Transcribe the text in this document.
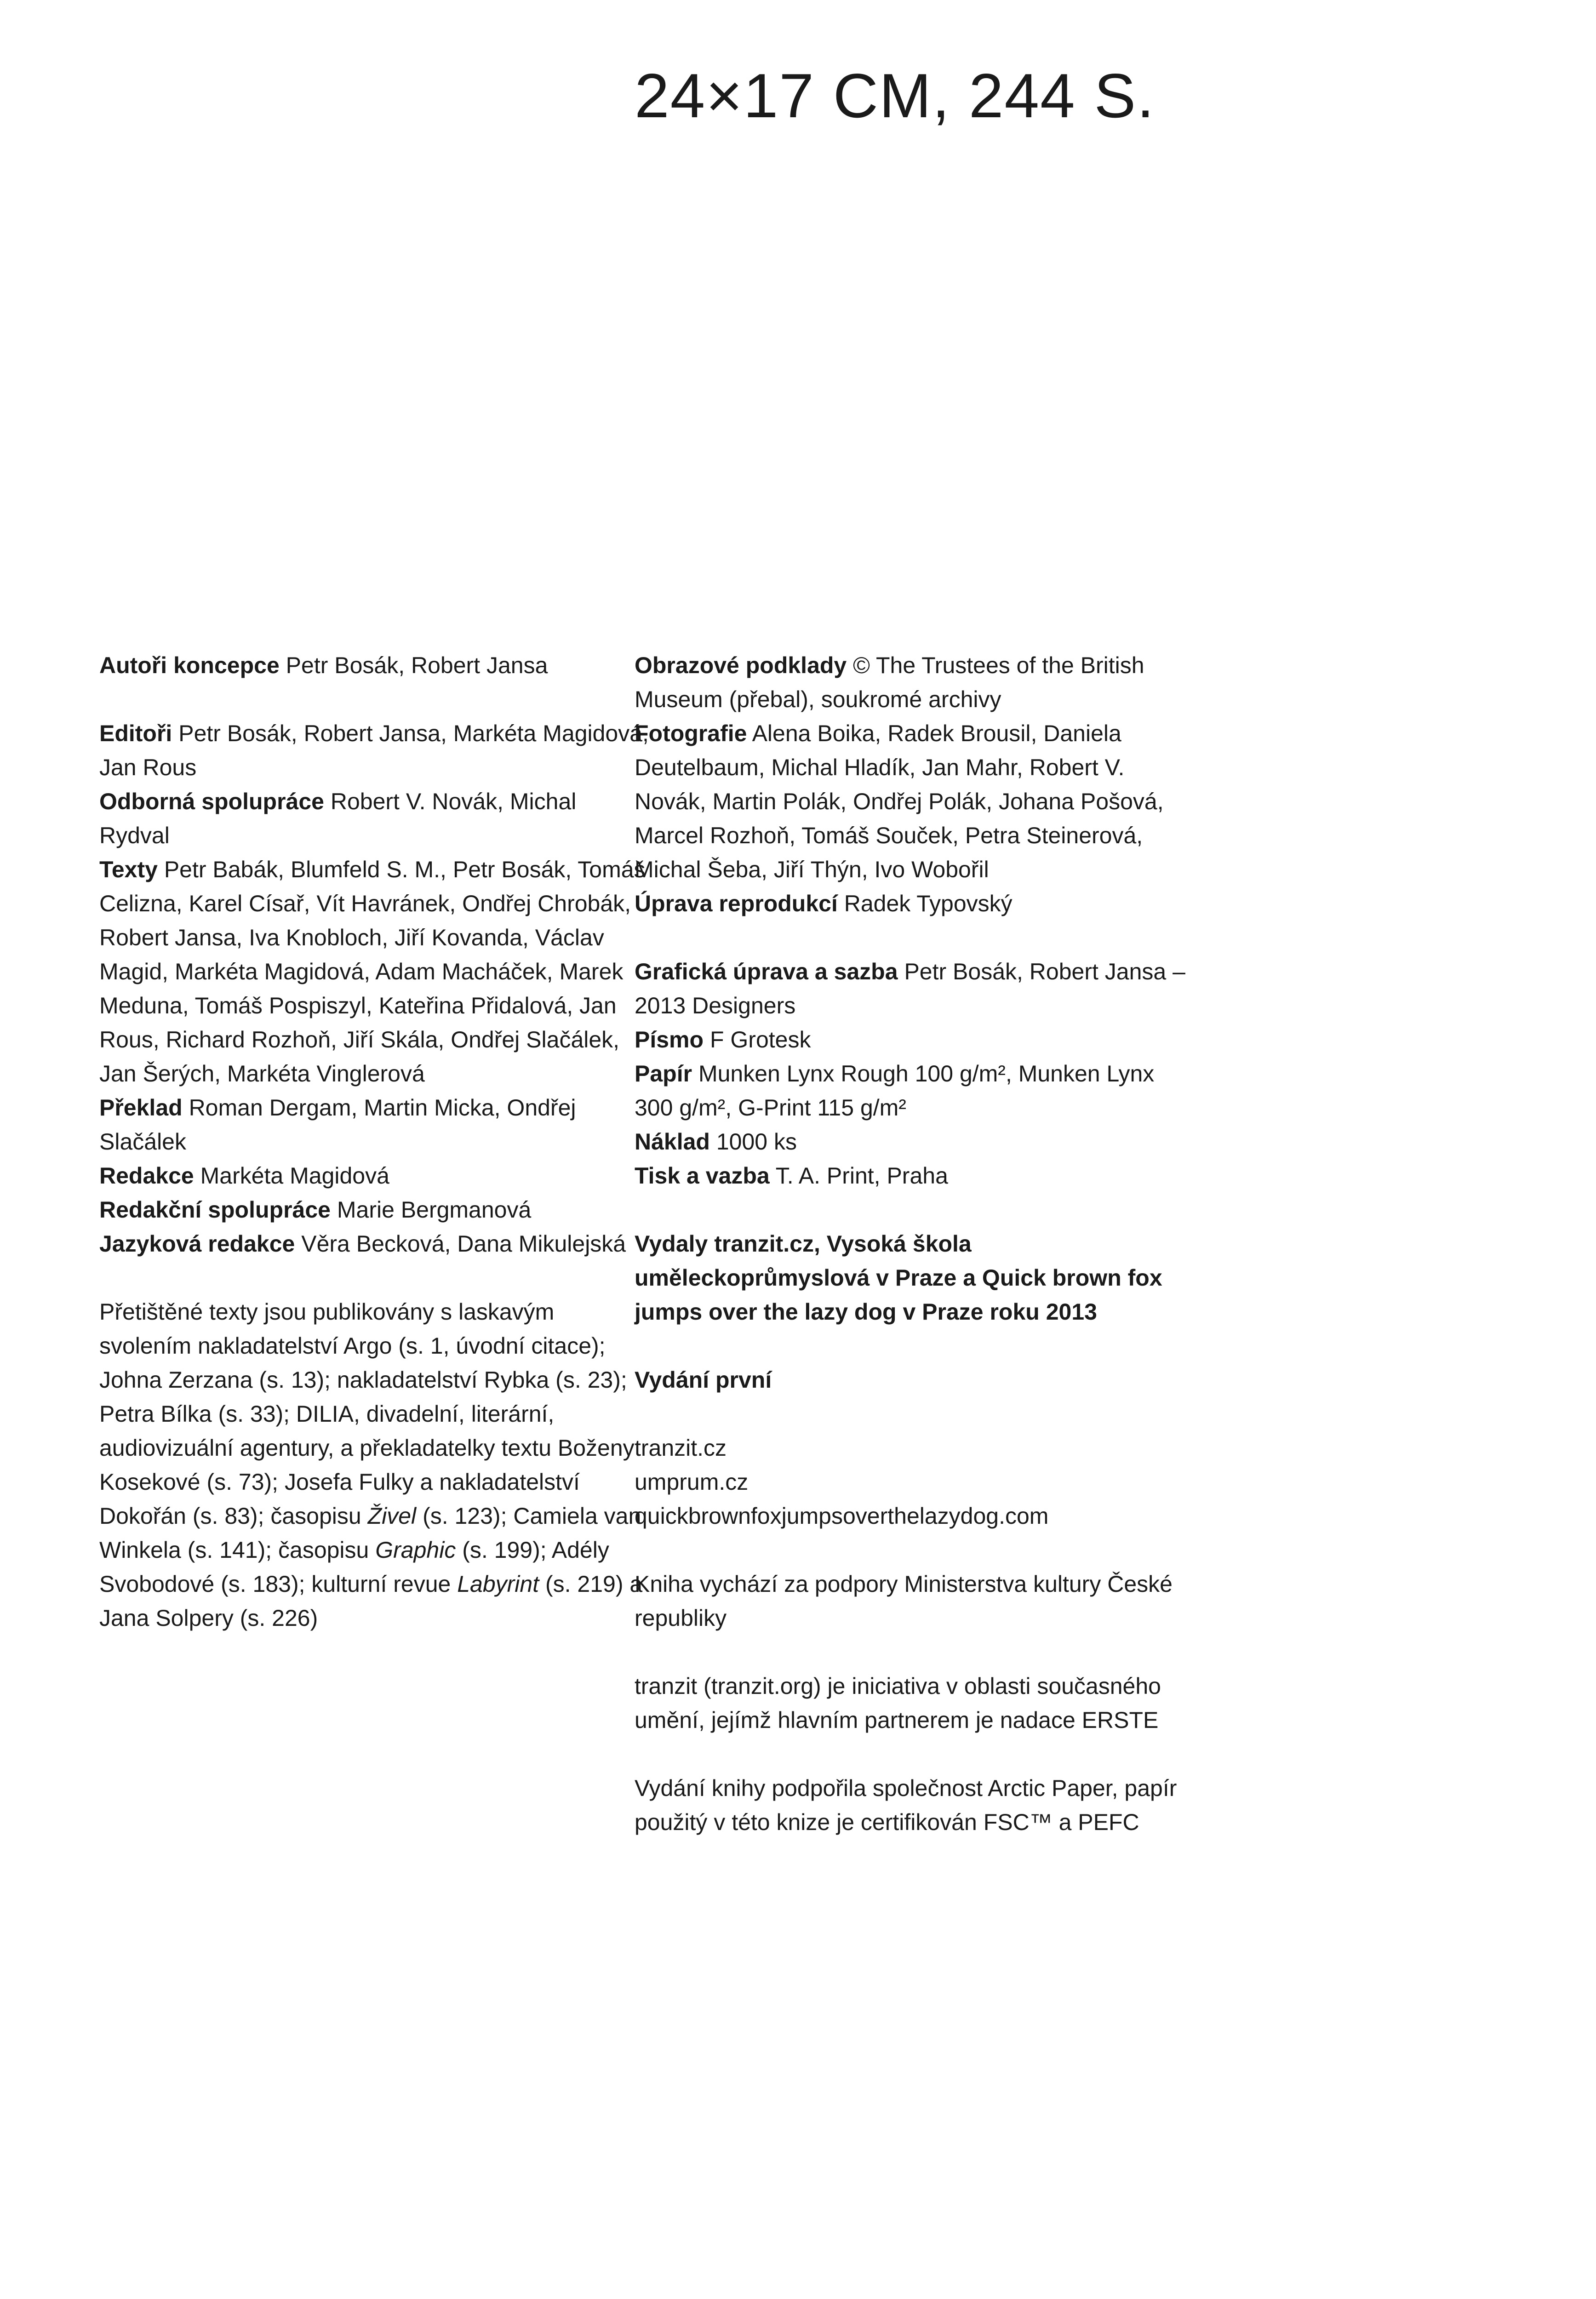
24×17 CM, 244 S.

Autoři koncepce Petr Bosák, Robert Jansa

Editoři Petr Bosák, Robert Jansa, Markéta Magidová, Jan Rous

Odborná spolupráce Robert V. Novák, Michal Rydval

Texty Petr Babák, Blumfeld S. M., Petr Bosák, Tomáš Celizna, Karel Císař, Vít Havránek, Ondřej Chrobák, Robert Jansa, Iva Knobloch, Jiří Kovanda, Václav Magid, Markéta Magidová, Adam Macháček, Marek Meduna, Tomáš Pospiszyl, Kateřina Přidalová, Jan Rous, Richard Rozhoň, Jiří Skála, Ondřej Slačálek, Jan Šerých, Markéta Vinglerová

Překlad Roman Dergam, Martin Micka, Ondřej Slačálek

Redakce Markéta Magidová

Redakční spolupráce Marie Bergmanová

Jazyková redakce Věra Becková, Dana Mikulejská

Přetištěné texty jsou publikovány s laskavým svolením nakladatelství Argo (s. 1, úvodní citace); Johna Zerzana (s. 13); nakladatelství Rybka (s. 23); Petra Bílka (s. 33); DILIA, divadelní, literární, audiovizuální agentury, a překladatelky textu Boženy Kosekové (s. 73); Josefa Fulky a nakladatelství Dokořán (s. 83); časopisu Živel (s. 123); Camiela van Winkela (s. 141); časopisu Graphic (s. 199); Adély Svobodové (s. 183); kulturní revue Labyrint (s. 219) a Jana Solpery (s. 226)

Obrazové podklady © The Trustees of the British Museum (přebal), soukromé archivy

Fotografie Alena Boika, Radek Brousil, Daniela Deutelbaum, Michal Hladík, Jan Mahr, Robert V. Novák, Martin Polák, Ondřej Polák, Johana Pošová, Marcel Rozhoň, Tomáš Souček, Petra Steinerová, Michal Šeba, Jiří Thýn, Ivo Wobořil

Úprava reprodukcí Radek Typovský

Grafická úprava a sazba Petr Bosák, Robert Jansa – 2013 Designers

Písmo F Grotesk

Papír Munken Lynx Rough 100 g/m², Munken Lynx 300 g/m², G-Print 115 g/m²

Náklad 1000 ks

Tisk a vazba T. A. Print, Praha

Vydaly tranzit.cz, Vysoká škola uměleckoprůmyslová v Praze a Quick brown fox jumps over the lazy dog v Praze roku 2013

Vydání první

tranzit.cz
umprum.cz
quickbrownfoxjumpsoverthelazydog.com

Kniha vychází za podpory Ministerstva kultury České republiky

tranzit (tranzit.org) je iniciativa v oblasti současného umění, jejímž hlavním partnerem je nadace ERSTE

Vydání knihy podpořila společnost Arctic Paper, papír použitý v této knize je certifikován FSC™ a PEFC
